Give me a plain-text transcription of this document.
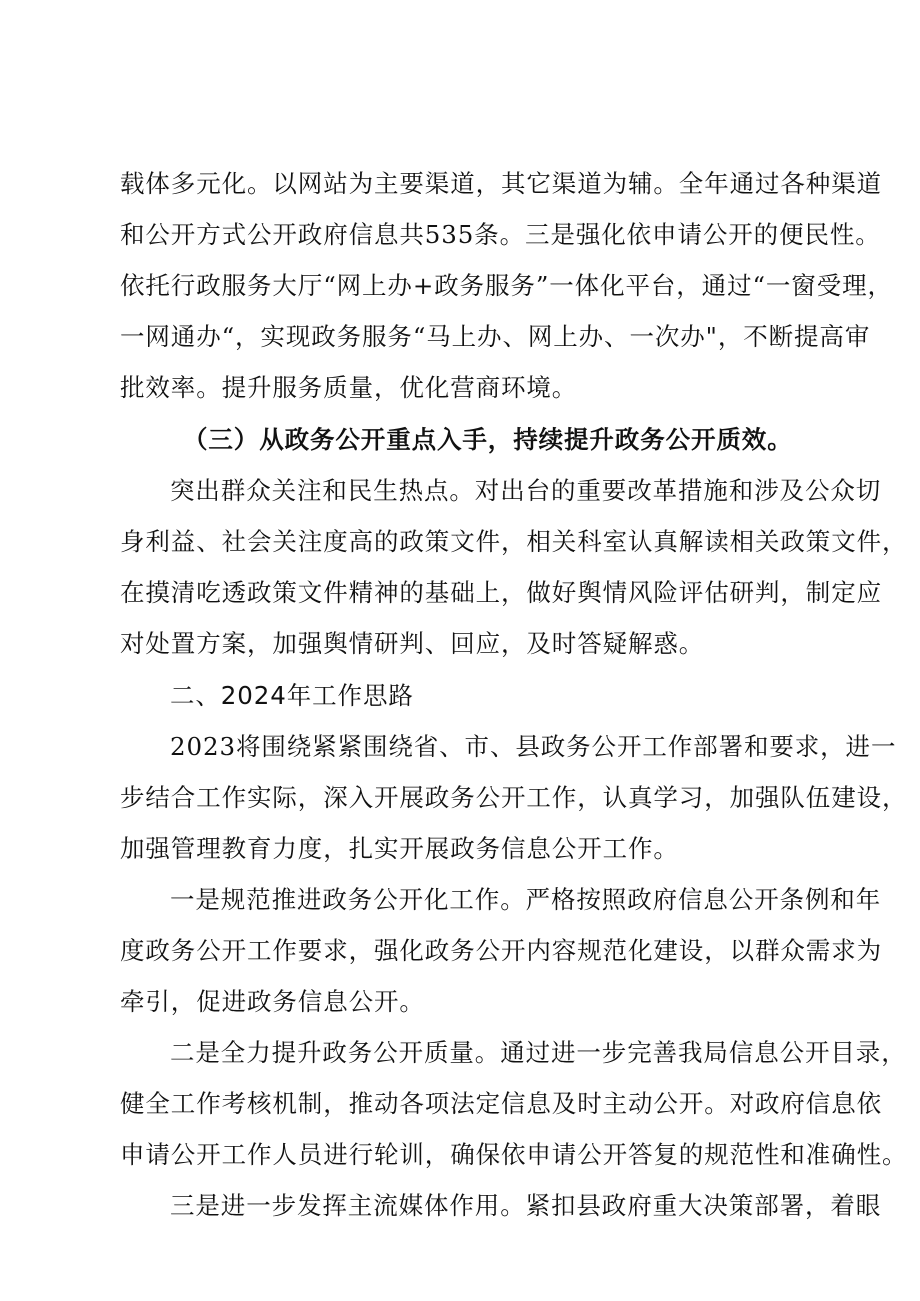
载体多元化。以网站为主要渠道，其它渠道为辅。全年通过各种渠道
和公开方式公开政府信息共535条。三是强化依申请公开的便民性。
依托行政服务大厅“网上办+政务服务”一体化平台，通过“一窗受理，
一网通办“，实现政务服务“马上办、网上办、一次办"，不断提高审
批效率。提升服务质量，优化营商环境。
（三）从政务公开重点入手，持续提升政务公开质效。
突出群众关注和民生热点。对出台的重要改革措施和涉及公众切
身利益、社会关注度高的政策文件，相关科室认真解读相关政策文件，
在摸清吃透政策文件精神的基础上，做好舆情风险评估研判，制定应
对处置方案，加强舆情研判、回应，及时答疑解惑。
二、2024年工作思路
2023将围绕紧紧围绕省、市、县政务公开工作部署和要求，进一
步结合工作实际，深入开展政务公开工作，认真学习，加强队伍建设，
加强管理教育力度，扎实开展政务信息公开工作。
一是规范推进政务公开化工作。严格按照政府信息公开条例和年
度政务公开工作要求，强化政务公开内容规范化建设，以群众需求为
牵引，促进政务信息公开。
二是全力提升政务公开质量。通过进一步完善我局信息公开目录，
健全工作考核机制，推动各项法定信息及时主动公开。对政府信息依
申请公开工作人员进行轮训，确保依申请公开答复的规范性和准确性。
三是进一步发挥主流媒体作用。紧扣县政府重大决策部署，着眼
